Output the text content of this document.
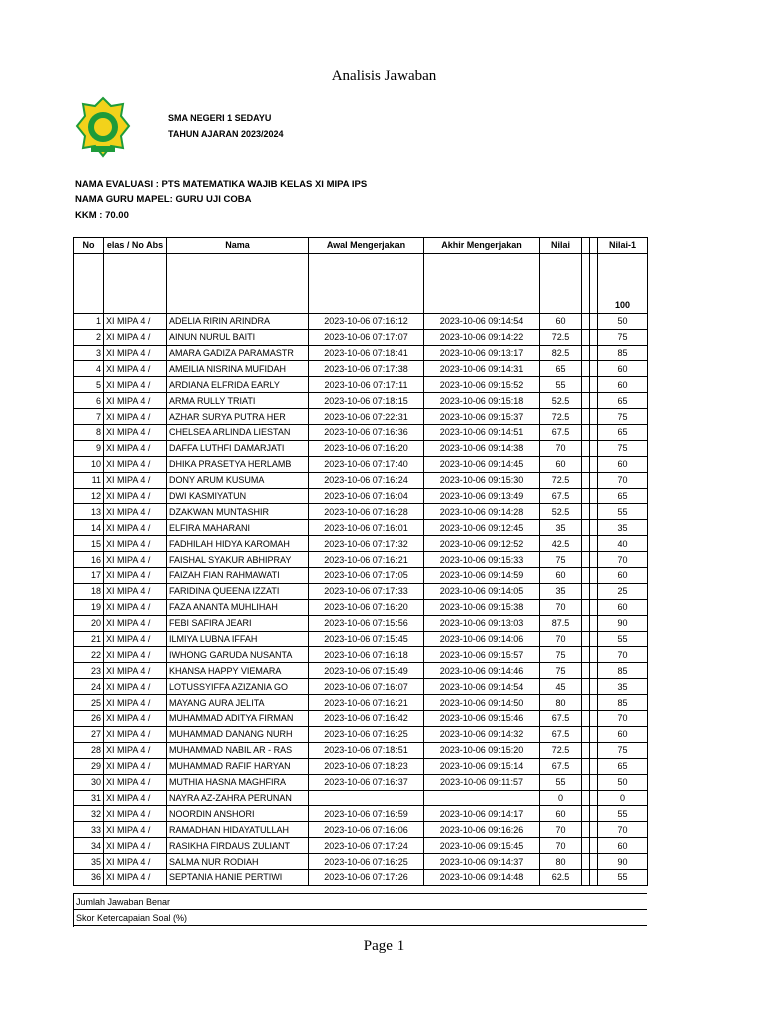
Analisis Jawaban
SMA NEGERI 1 SEDAYU
TAHUN AJARAN 2023/2024
NAMA EVALUASI : PTS MATEMATIKA WAJIB KELAS XI MIPA IPS
NAMA GURU MAPEL: GURU UJI COBA
KKM : 70.00
No	elas / No Abs	Nama	Awal Mengerjakan	Akhir Mengerjakan	Nilai			Nilai-1

								100
1	XI MIPA 4 /	ADELIA RIRIN ARINDRA	2023-10-06 07:16:12	2023-10-06 09:14:54	60			50
2	XI MIPA 4 /	AINUN NURUL BAITI	2023-10-06 07:17:07	2023-10-06 09:14:22	72.5			75
3	XI MIPA 4 /	AMARA GADIZA PARAMASTR	2023-10-06 07:18:41	2023-10-06 09:13:17	82.5			85
4	XI MIPA 4 /	AMEILIA NISRINA MUFIDAH	2023-10-06 07:17:38	2023-10-06 09:14:31	65			60
5	XI MIPA 4 /	ARDIANA ELFRIDA EARLY	2023-10-06 07:17:11	2023-10-06 09:15:52	55			60
6	XI MIPA 4 /	ARMA RULLY TRIATI	2023-10-06 07:18:15	2023-10-06 09:15:18	52.5			65
7	XI MIPA 4 /	AZHAR SURYA PUTRA HER	2023-10-06 07:22:31	2023-10-06 09:15:37	72.5			75
8	XI MIPA 4 /	CHELSEA ARLINDA LIESTAN	2023-10-06 07:16:36	2023-10-06 09:14:51	67.5			65
9	XI MIPA 4 /	DAFFA LUTHFI DAMARJATI	2023-10-06 07:16:20	2023-10-06 09:14:38	70			75
10	XI MIPA 4 /	DHIKA PRASETYA HERLAMB	2023-10-06 07:17:40	2023-10-06 09:14:45	60			60
11	XI MIPA 4 /	DONY ARUM KUSUMA	2023-10-06 07:16:24	2023-10-06 09:15:30	72.5			70
12	XI MIPA 4 /	DWI KASMIYATUN	2023-10-06 07:16:04	2023-10-06 09:13:49	67.5			65
13	XI MIPA 4 /	DZAKWAN MUNTASHIR	2023-10-06 07:16:28	2023-10-06 09:14:28	52.5			55
14	XI MIPA 4 /	ELFIRA MAHARANI	2023-10-06 07:16:01	2023-10-06 09:12:45	35			35
15	XI MIPA 4 /	FADHILAH HIDYA KAROMAH	2023-10-06 07:17:32	2023-10-06 09:12:52	42.5			40
16	XI MIPA 4 /	FAISHAL SYAKUR ABHIPRAY	2023-10-06 07:16:21	2023-10-06 09:15:33	75			70
17	XI MIPA 4 /	FAIZAH FIAN RAHMAWATI	2023-10-06 07:17:05	2023-10-06 09:14:59	60			60
18	XI MIPA 4 /	FARIDINA QUEENA IZZATI	2023-10-06 07:17:33	2023-10-06 09:14:05	35			25
19	XI MIPA 4 /	FAZA ANANTA MUHLIHAH	2023-10-06 07:16:20	2023-10-06 09:15:38	70			60
20	XI MIPA 4 /	FEBI SAFIRA JEARI	2023-10-06 07:15:56	2023-10-06 09:13:03	87.5			90
21	XI MIPA 4 /	ILMIYA LUBNA IFFAH	2023-10-06 07:15:45	2023-10-06 09:14:06	70			55
22	XI MIPA 4 /	IWHONG GARUDA NUSANTA	2023-10-06 07:16:18	2023-10-06 09:15:57	75			70
23	XI MIPA 4 /	KHANSA HAPPY VIEMARA	2023-10-06 07:15:49	2023-10-06 09:14:46	75			85
24	XI MIPA 4 /	LOTUSSYIFFA AZIZANIA GO	2023-10-06 07:16:07	2023-10-06 09:14:54	45			35
25	XI MIPA 4 /	MAYANG AURA JELITA	2023-10-06 07:16:21	2023-10-06 09:14:50	80			85
26	XI MIPA 4 /	MUHAMMAD ADITYA FIRMAN	2023-10-06 07:16:42	2023-10-06 09:15:46	67.5			70
27	XI MIPA 4 /	MUHAMMAD DANANG NURH	2023-10-06 07:16:25	2023-10-06 09:14:32	67.5			60
28	XI MIPA 4 /	MUHAMMAD NABIL AR - RAS	2023-10-06 07:18:51	2023-10-06 09:15:20	72.5			75
29	XI MIPA 4 /	MUHAMMAD RAFIF HARYAN	2023-10-06 07:18:23	2023-10-06 09:15:14	67.5			65
30	XI MIPA 4 /	MUTHIA HASNA MAGHFIRA	2023-10-06 07:16:37	2023-10-06 09:11:57	55			50
31	XI MIPA 4 /	NAYRA AZ-ZAHRA PERUNAN			0			0
32	XI MIPA 4 /	NOORDIN ANSHORI	2023-10-06 07:16:59	2023-10-06 09:14:17	60			55
33	XI MIPA 4 /	RAMADHAN HIDAYATULLAH	2023-10-06 07:16:06	2023-10-06 09:16:26	70			70
34	XI MIPA 4 /	RASIKHA FIRDAUS ZULIANT	2023-10-06 07:17:24	2023-10-06 09:15:45	70			60
35	XI MIPA 4 /	SALMA NUR RODIAH	2023-10-06 07:16:25	2023-10-06 09:14:37	80			90
36	XI MIPA 4 /	SEPTANIA HANIE PERTIWI	2023-10-06 07:17:26	2023-10-06 09:14:48	62.5			55
Jumlah Jawaban Benar
Skor Ketercapaian Soal (%)

Page 1
